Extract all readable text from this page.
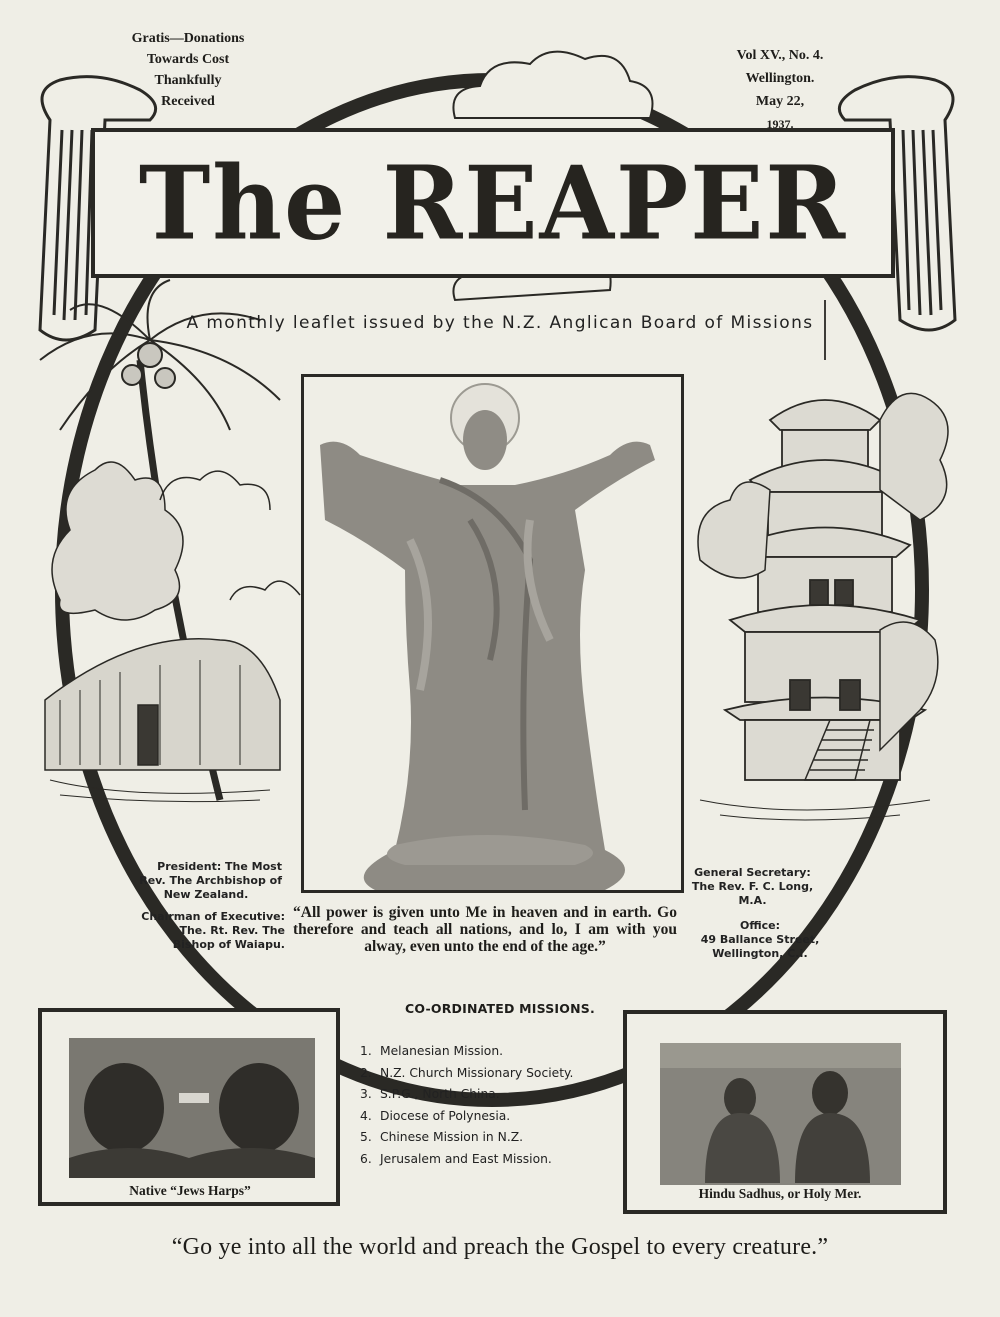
Gratis—Donations
Towards Cost
Thankfully
Received
Vol XV., No. 4.
Wellington.
May 22,
1937.
The REAPER
A monthly leaflet issued by the N.Z. Anglican Board of Missions
President: The Most
Rev. The Archbishop of
New Zealand.
Chairman of Executive:
The. Rt. Rev. The
Bishop of Waiapu.
General Secretary:
The Rev. F. C. Long,
M.A.
Office:
49 Ballance Street,
Wellington, C.I.
“All power is given unto Me in heaven and in earth. Go therefore and teach all nations, and lo, I am with you alway, even unto the end of the age.”
CO-ORDINATED MISSIONS.
1. Melanesian Mission.
2. N.Z. Church Missionary Society.
3. S.P.G., North China.
4. Diocese of Polynesia.
5. Chinese Mission in N.Z.
6. Jerusalem and East Mission.
Native “Jews Harps”	Hindu Sadhus, or Holy Mer.
“Go ye into all the world and preach the Gospel to every creature.”
